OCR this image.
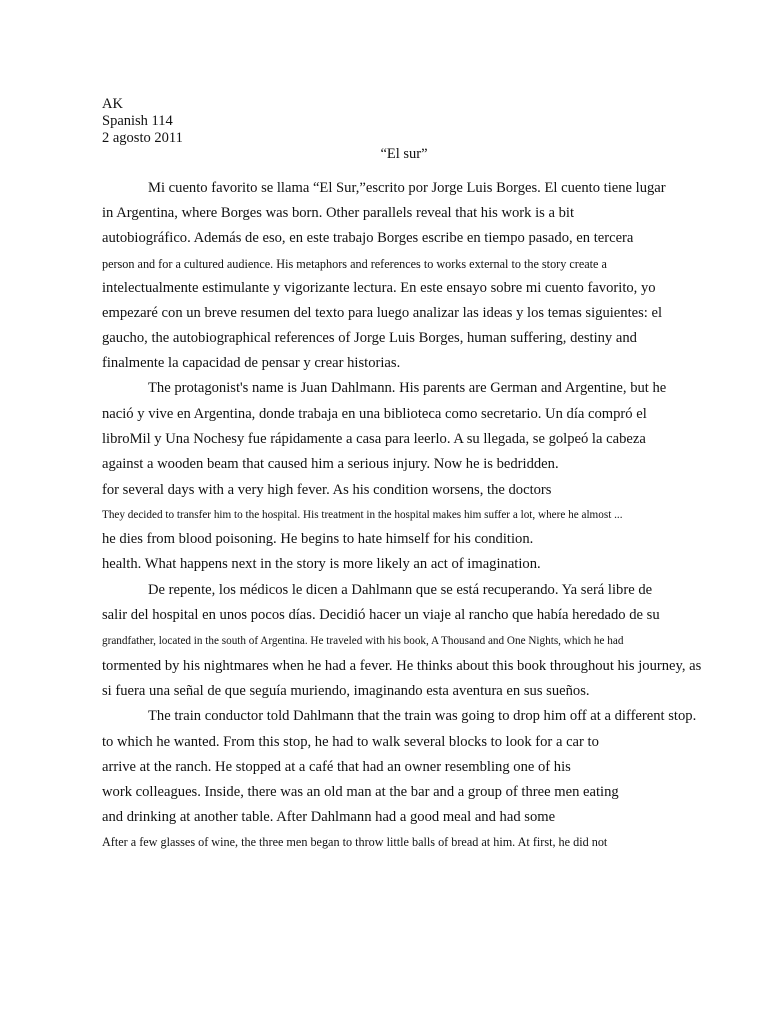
AK
Spanish 114
2 agosto 2011
“El sur”
Mi cuento favorito se llama “El Sur,”escrito por Jorge Luis Borges. El cuento tiene lugar
in Argentina, where Borges was born. Other parallels reveal that his work is a bit
autobiográfico. Además de eso, en este trabajo Borges escribe en tiempo pasado, en tercera
person and for a cultured audience. His metaphors and references to works external to the story create a
intelectualmente estimulante y vigorizante lectura. En este ensayo sobre mi cuento favorito, yo
empezaré con un breve resumen del texto para luego analizar las ideas y los temas siguientes: el
gaucho, the autobiographical references of Jorge Luis Borges, human suffering, destiny and
finalmente la capacidad de pensar y crear historias.
The protagonist's name is Juan Dahlmann. His parents are German and Argentine, but he
nació y vive en Argentina, donde trabaja en una biblioteca como secretario. Un día compró el
libroMil y Una Nochesy fue rápidamente a casa para leerlo. A su llegada, se golpeó la cabeza
against a wooden beam that caused him a serious injury. Now he is bedridden.
for several days with a very high fever. As his condition worsens, the doctors
They decided to transfer him to the hospital. His treatment in the hospital makes him suffer a lot, where he almost ...
he dies from blood poisoning. He begins to hate himself for his condition.
health. What happens next in the story is more likely an act of imagination.
De repente, los médicos le dicen a Dahlmann que se está recuperando. Ya será libre de
salir del hospital en unos pocos días. Decidió hacer un viaje al rancho que había heredado de su
grandfather, located in the south of Argentina. He traveled with his book, A Thousand and One Nights, which he had
tormented by his nightmares when he had a fever. He thinks about this book throughout his journey, as
si fuera una señal de que seguía muriendo, imaginando esta aventura en sus sueños.
The train conductor told Dahlmann that the train was going to drop him off at a different stop.
to which he wanted. From this stop, he had to walk several blocks to look for a car to
arrive at the ranch. He stopped at a café that had an owner resembling one of his
work colleagues. Inside, there was an old man at the bar and a group of three men eating
and drinking at another table. After Dahlmann had a good meal and had some
After a few glasses of wine, the three men began to throw little balls of bread at him. At first, he did not
